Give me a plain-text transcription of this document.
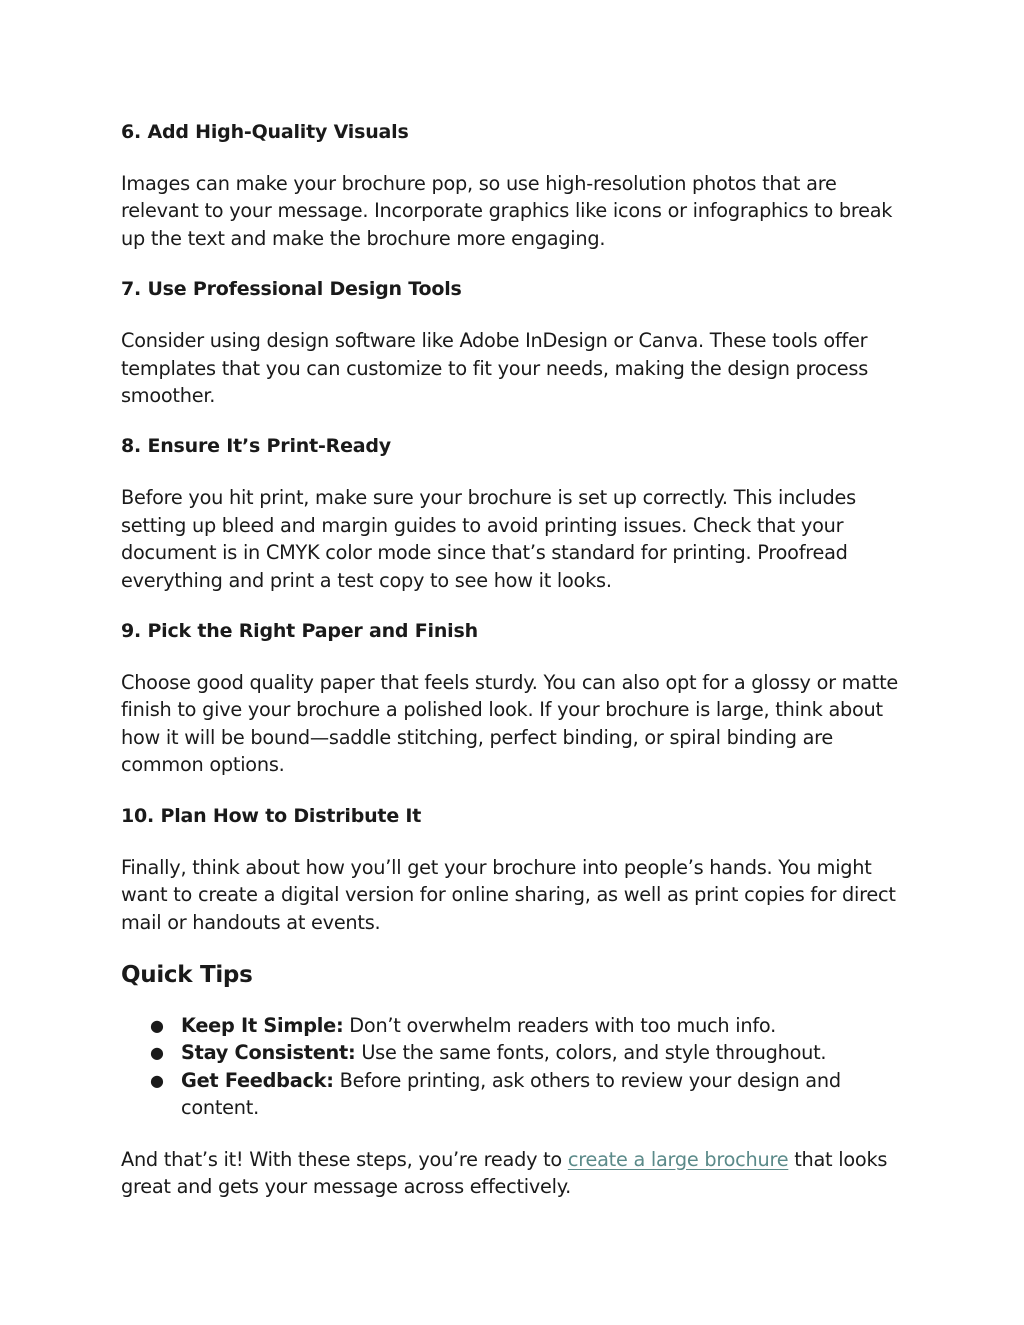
6. Add High-Quality Visuals

Images can make your brochure pop, so use high-resolution photos that are relevant to your message. Incorporate graphics like icons or infographics to break up the text and make the brochure more engaging.

7. Use Professional Design Tools

Consider using design software like Adobe InDesign or Canva. These tools offer templates that you can customize to fit your needs, making the design process smoother.

8. Ensure It’s Print-Ready

Before you hit print, make sure your brochure is set up correctly. This includes setting up bleed and margin guides to avoid printing issues. Check that your document is in CMYK color mode since that’s standard for printing. Proofread everything and print a test copy to see how it looks.

9. Pick the Right Paper and Finish

Choose good quality paper that feels sturdy. You can also opt for a glossy or matte finish to give your brochure a polished look. If your brochure is large, think about how it will be bound—saddle stitching, perfect binding, or spiral binding are common options.

10. Plan How to Distribute It

Finally, think about how you’ll get your brochure into people’s hands. You might want to create a digital version for online sharing, as well as print copies for direct mail or handouts at events.

Quick Tips
● Keep It Simple: Don’t overwhelm readers with too much info.
● Stay Consistent: Use the same fonts, colors, and style throughout.
● Get Feedback: Before printing, ask others to review your design and content.

And that’s it! With these steps, you’re ready to create a large brochure that looks great and gets your message across effectively.
